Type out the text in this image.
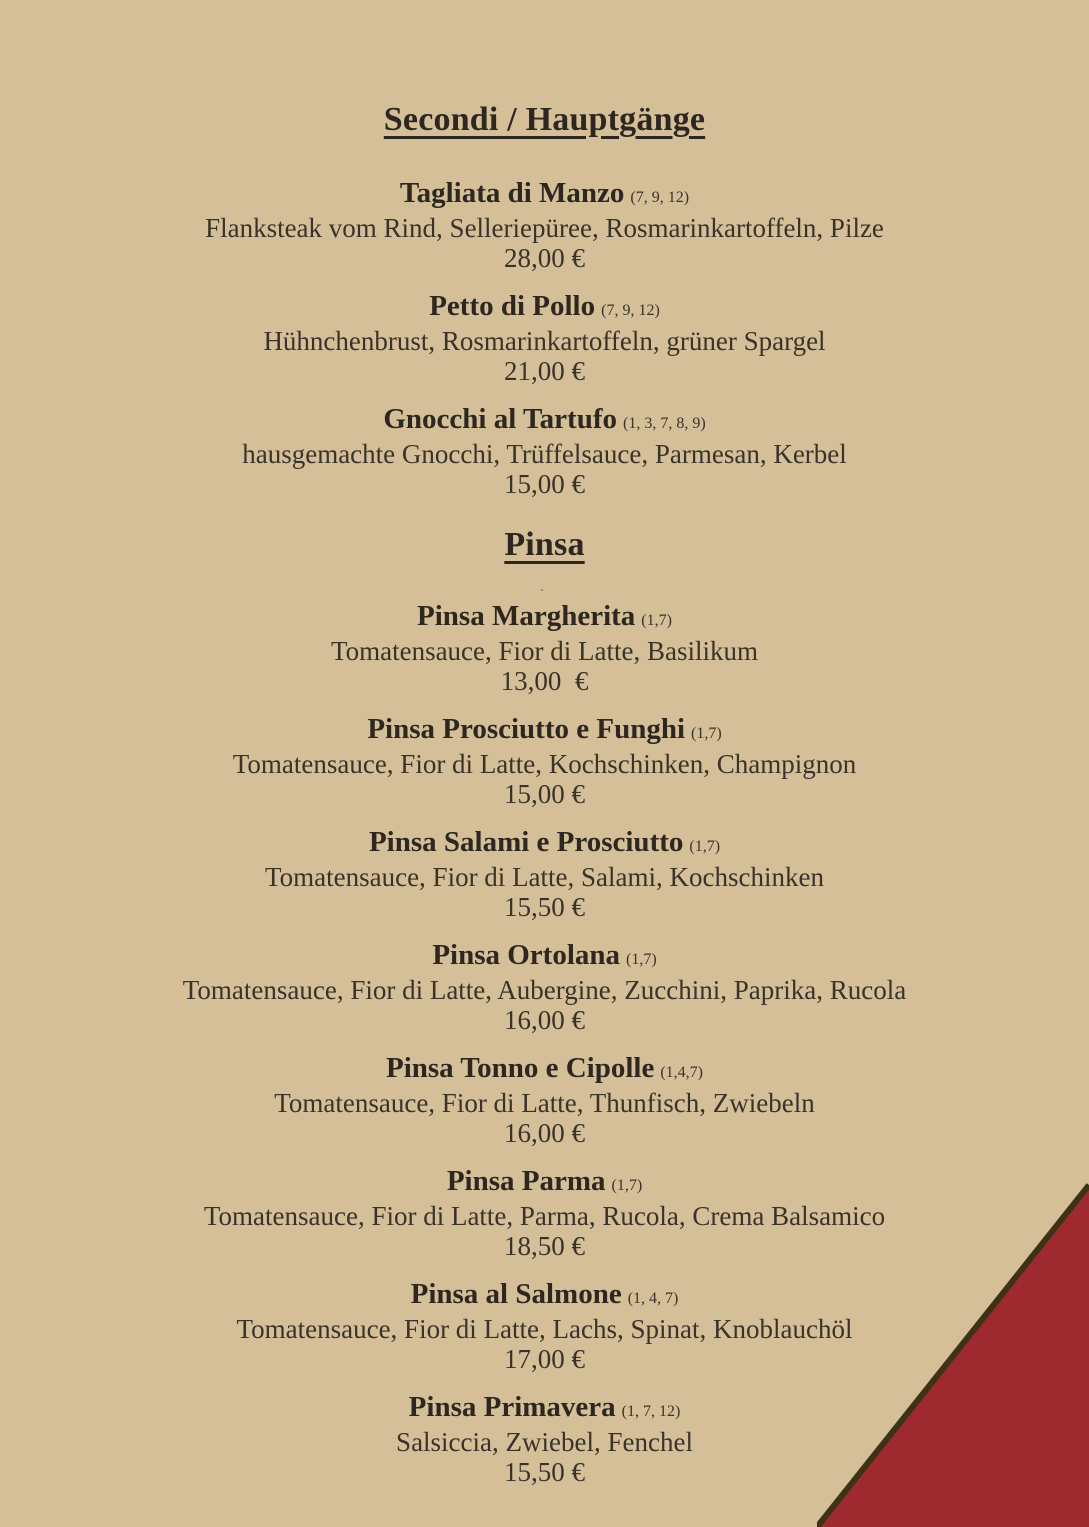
Secondi / Hauptgänge
Tagliata di Manzo (7, 9, 12)
Flanksteak vom Rind, Selleriepüree, Rosmarinkartoffeln, Pilze
28,00 €
Petto di Pollo (7, 9, 12)
Hühnchenbrust, Rosmarinkartoffeln, grüner Spargel
21,00 €
Gnocchi al Tartufo (1, 3, 7, 8, 9)
hausgemachte Gnocchi, Trüffelsauce, Parmesan, Kerbel
15,00 €
Pinsa
Pinsa Margherita (1,7)
Tomatensauce, Fior di Latte, Basilikum
13,00  €
Pinsa Prosciutto e Funghi (1,7)
Tomatensauce, Fior di Latte, Kochschinken, Champignon
15,00 €
Pinsa Salami e Prosciutto (1,7)
Tomatensauce, Fior di Latte, Salami, Kochschinken
15,50 €
Pinsa Ortolana (1,7)
Tomatensauce, Fior di Latte, Aubergine, Zucchini, Paprika, Rucola
16,00 €
Pinsa Tonno e Cipolle (1,4,7)
Tomatensauce, Fior di Latte, Thunfisch, Zwiebeln
16,00 €
Pinsa Parma (1,7)
Tomatensauce, Fior di Latte, Parma, Rucola, Crema Balsamico
18,50 €
Pinsa al Salmone (1, 4, 7)
Tomatensauce, Fior di Latte, Lachs, Spinat, Knoblauchöl
17,00 €
Pinsa Primavera (1, 7, 12)
Salsiccia, Zwiebel, Fenchel
15,50 €
.
